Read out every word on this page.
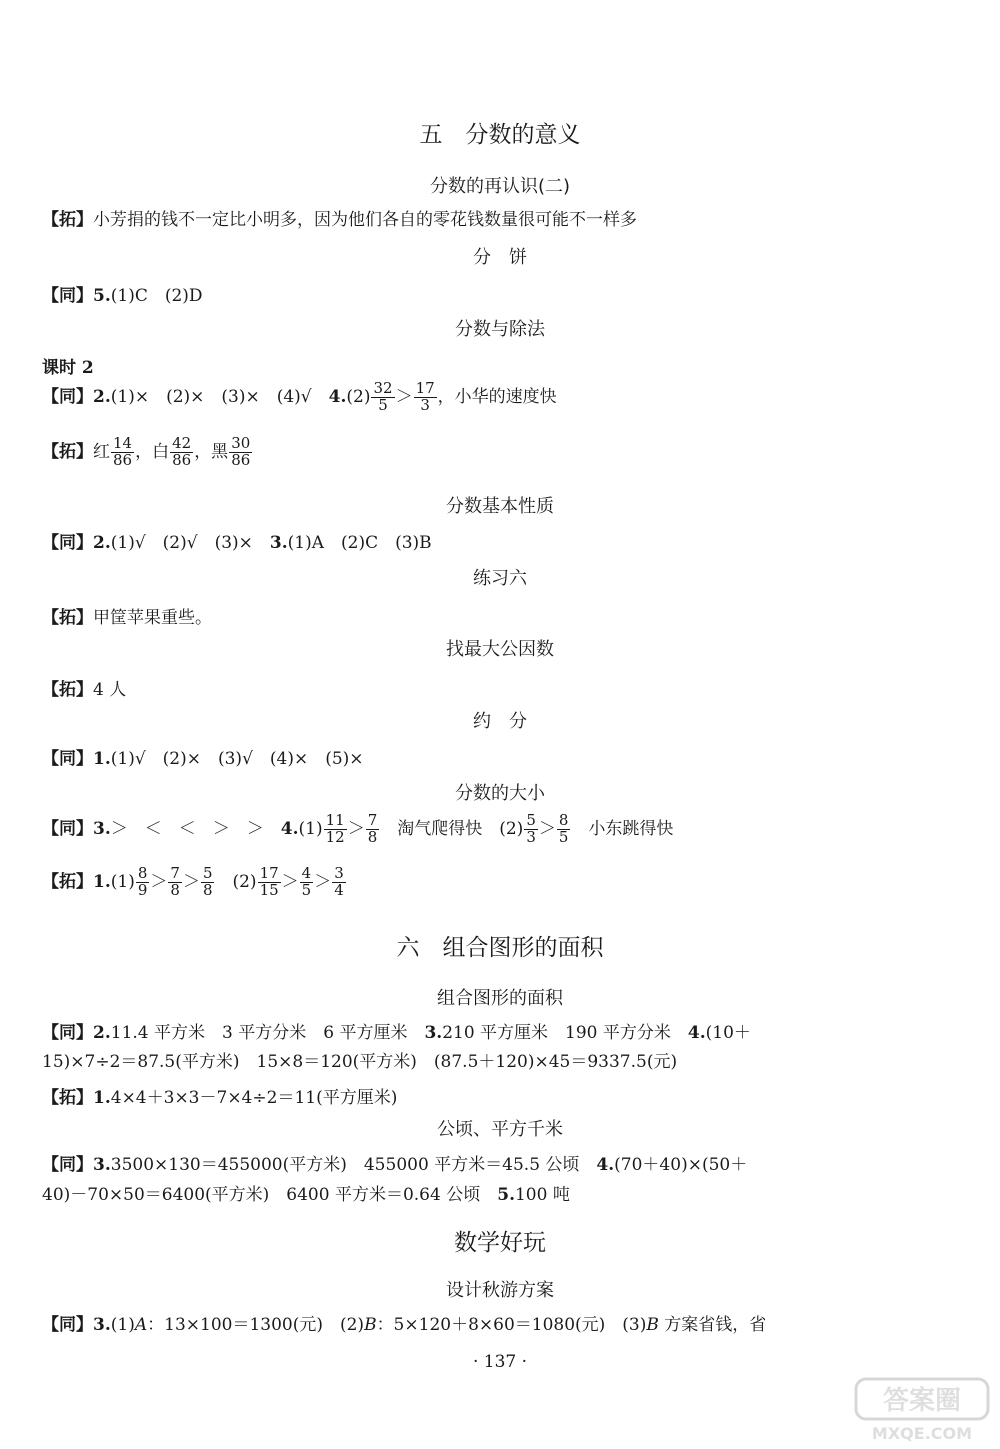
五　分数的意义
分数的再认识(二)
【拓】小芳捐的钱不一定比小明多，因为他们各自的零花钱数量很可能不一样多
分　饼
【同】5.(1)C　(2)D
分数与除法
课时 2
【同】2.(1)×　(2)×　(3)×　(4)√　$4.(2) \frac{32}{5} > \frac{17}{3}$ ，小华的速度快
【拓】红 $\frac{14}{86}$ ，白 $\frac{42}{86}$ ，黑 $\frac{30}{86}$
分数基本性质
【同】2.(1)√　(2)√　(3)×　3.(1)A　(2)C　(3)B
练习六
【拓】甲筐苹果重些。
找最大公因数
【拓】4 人
约　分
【同】1.(1)√　(2)×　(3)√　(4)×　(5)×
分数的大小
【同】3.＞　＜　＜　＞　＞　$4.(1) \frac{11}{12} > \frac{7}{8}$ 　淘气爬得快　$(2) \frac{5}{3} > \frac{8}{5}$ 　小东跳得快
【拓】$1.(1) \frac{8}{9} > \frac{7}{8} > \frac{5}{8}$ 　$(2) \frac{17}{15} > \frac{4}{5} > \frac{3}{4}$
六　组合图形的面积
组合图形的面积
【同】2.11.4 平方米　3 平方分米　6 平方厘米　3.210 平方厘米　190 平方分米　4.(10＋
15)×7÷2＝87.5(平方米)　15×8＝120(平方米)　(87.5＋120)×45＝9337.5(元)
【拓】1.4×4＋3×3－7×4÷2＝11(平方厘米)
公顷、平方千米
【同】3.3500×130＝455000(平方米)　455000 平方米＝45.5 公顷　4.(70＋40)×(50＋
40)－70×50＝6400(平方米)　6400 平方米＝0.64 公顷　5.100 吨
数学好玩
设计秋游方案
【同】3.(1)A：13×100＝1300(元)　(2)B：5×120＋8×60＝1080(元)　(3)B 方案省钱，省
· 137 ·
答案圈
MXQE.COM
